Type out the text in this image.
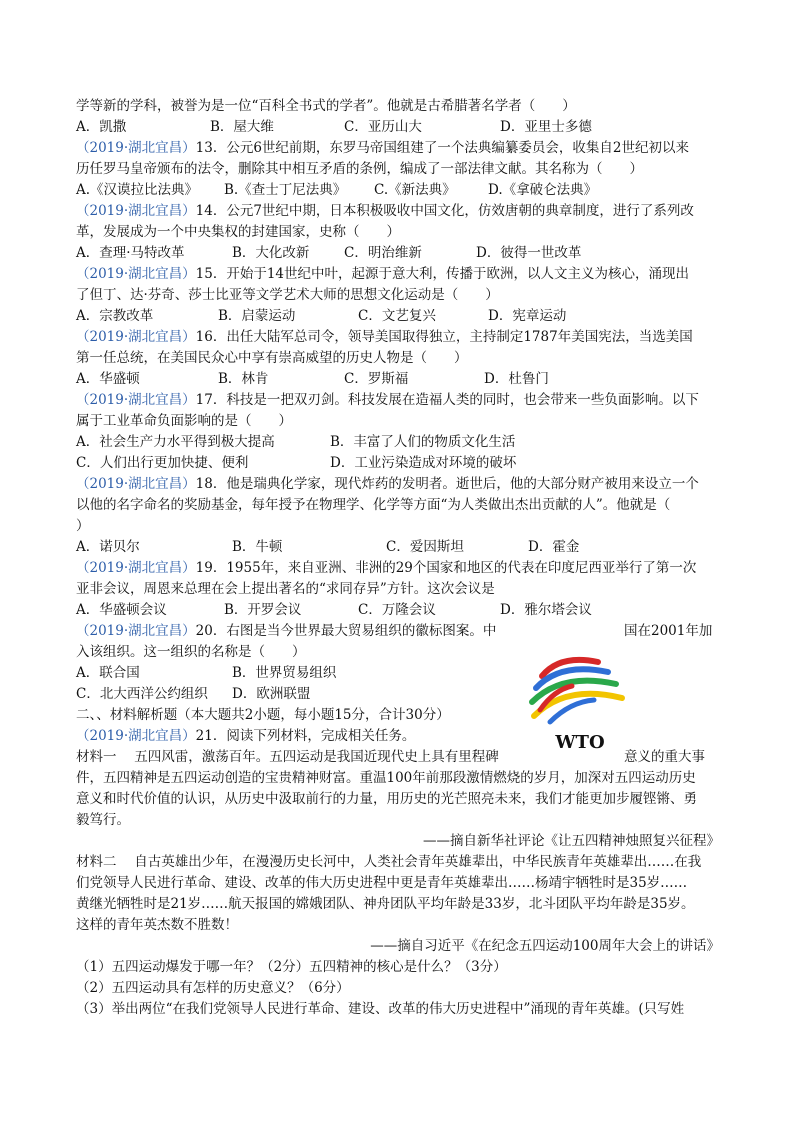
学等新的学科，被誉为是一位“百科全书式的学者”。他就是古希腊著名学者（　　）
A．凯撒	B．屋大维	C．亚历山大	D．亚里士多德
（2019·湖北宜昌）13．公元6世纪前期，东罗马帝国组建了一个法典编纂委员会，收集自2世纪初以来
历任罗马皇帝颁布的法令，删除其中相互矛盾的条例，编成了一部法律文献。其名称为（　　）
A.《汉谟拉比法典》 B.《查士丁尼法典》 C.《新法典》 D.《拿破仑法典》
（2019·湖北宜昌）14．公元7世纪中期，日本积极吸收中国文化，仿效唐朝的典章制度，进行了系列改
革，发展成为一个中央集权的封建国家，史称（　　）
A．查理·马特改革	B．大化改新	C．明治维新	D．彼得一世改革
（2019·湖北宜昌）15．开始于14世纪中叶，起源于意大利，传播于欧洲，以人文主义为核心，涌现出
了但丁、达·芬奇、莎士比亚等文学艺术大师的思想文化运动是（　　）
A．宗教改革	B．启蒙运动	C．文艺复兴	D．宪章运动
（2019·湖北宜昌）16．出任大陆军总司令，领导美国取得独立，主持制定1787年美国宪法，当选美国
第一任总统，在美国民众心中享有崇高威望的历史人物是（　　）
A．华盛顿	B．林肯	C．罗斯福	D．杜鲁门
（2019·湖北宜昌）17．科技是一把双刃剑。科技发展在造福人类的同时，也会带来一些负面影响。以下
属于工业革命负面影响的是（　　）
A．社会生产力水平得到极大提高	B．丰富了人们的物质文化生活
C．人们出行更加快捷、便利	D．工业污染造成对环境的破坏
（2019·湖北宜昌）18．他是瑞典化学家，现代炸药的发明者。逝世后，他的大部分财产被用来设立一个
以他的名字命名的奖励基金，每年授予在物理学、化学等方面“为人类做出杰出贡献的人”。他就是（
）
A．诺贝尔	B．牛顿	C．爱因斯坦	D．霍金
（2019·湖北宜昌）19．1955年，来自亚洲、非洲的29个国家和地区的代表在印度尼西亚举行了第一次
亚非会议，周恩来总理在会上提出著名的“求同存异”方针。这次会议是
A．华盛顿会议	B．开罗会议	C．万隆会议	D．雅尔塔会议
（2019·湖北宜昌）20．右图是当今世界最大贸易组织的徽标图案。中	国在2001年加
入该组织。这一组织的名称是（　　）
A．联合国	B．世界贸易组织
C．北大西洋公约组织 D．欧洲联盟
WTO
二、、材料解析题（本大题共2小题，每小题15分，合计30分）
（2019·湖北宜昌）21．阅读下列材料，完成相关任务。
材料一　 五四风雷，激荡百年。五四运动是我国近现代史上具有里程碑	意义的重大事
件，五四精神是五四运动创造的宝贵精神财富。重温100年前那段激情燃烧的岁月，加深对五四运动历史
意义和时代价值的认识，从历史中汲取前行的力量，用历史的光芒照亮未来，我们才能更加步履铿锵、勇
毅笃行。
——摘自新华社评论《让五四精神烛照复兴征程》
材料二　 自古英雄出少年，在漫漫历史长河中，人类社会青年英雄辈出，中华民族青年英雄辈出……在我
们党领导人民进行革命、建设、改革的伟大历史进程中更是青年英雄辈出……杨靖宇牺牲时是35岁……
黄继光牺牲时是21岁……航天报国的嫦娥团队、神舟团队平均年龄是33岁，北斗团队平均年龄是35岁。
这样的青年英杰数不胜数！
——摘自习近平《在纪念五四运动100周年大会上的讲话》
（1）五四运动爆发于哪一年？（2分）五四精神的核心是什么？（3分）
（2）五四运动具有怎样的历史意义？（6分）
（3）举出两位“在我们党领导人民进行革命、建设、改革的伟大历史进程中”涌现的青年英雄。(只写姓
